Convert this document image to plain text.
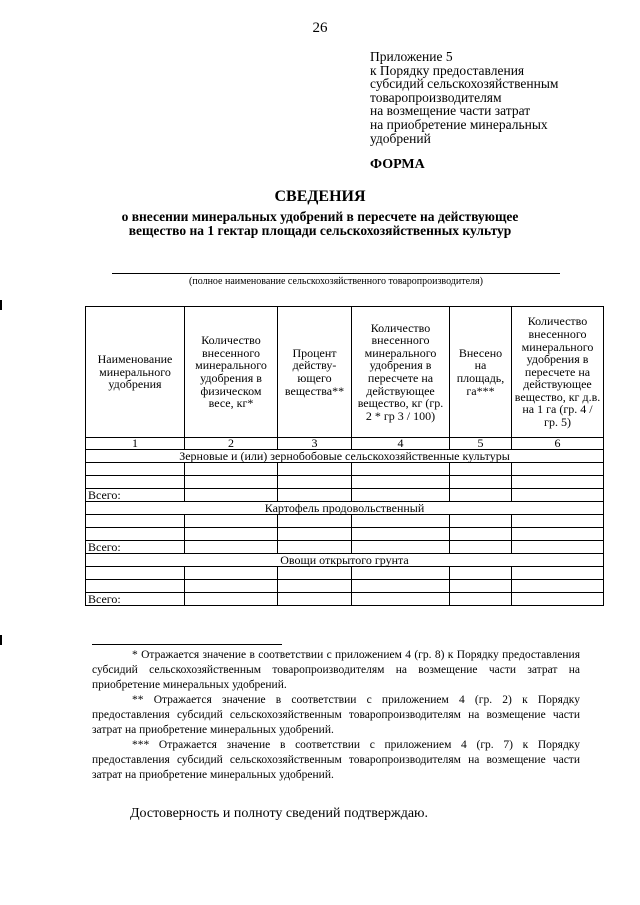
26
Приложение 5
к Порядку предоставления
субсидий сельскохозяйственным
товаропроизводителям
на возмещение части затрат
на приобретение минеральных
удобрений
ФОРМА
СВЕДЕНИЯ
о внесении минеральных удобрений в пересчете на действующее
вещество на 1 гектар площади сельскохозяйственных культур
(полное наименование сельскохозяйственного товаропроизводителя)
Наименование минерального удобрения	Количество внесенного минерального удобрения в физическом весе, кг*	Процент действу-ющего вещества**	Количество внесенного минерального удобрения в пересчете на действующее вещество, кг (гр. 2 * гр 3 / 100)	Внесено на площадь, га***	Количество внесенного минерального удобрения в пересчете на действующее вещество, кг д.в. на 1 га (гр. 4 / гр. 5)
1	2	3	4	5	6
Зерновые и (или) зернобобовые сельскохозяйственные культуры					

Всего:					
Картофель продовольственный					

Всего:					
Овощи открытого грунта					

Всего:					

* Отражается значение в соответствии с приложением 4 (гр. 8) к Порядку предоставления субсидий сельскохозяйственным товаропроизводителям на возмещение части затрат на приобретение минеральных удобрений.

** Отражается значение в соответствии с приложением 4 (гр. 2) к Порядку предоставления субсидий сельскохозяйственным товаропроизводителям на возмещение части затрат на приобретение минеральных удобрений.

*** Отражается значение в соответствии с приложением 4 (гр. 7) к Порядку предоставления субсидий сельскохозяйственным товаропроизводителям на возмещение части затрат на приобретение минеральных удобрений.

Достоверность и полноту сведений подтверждаю.
